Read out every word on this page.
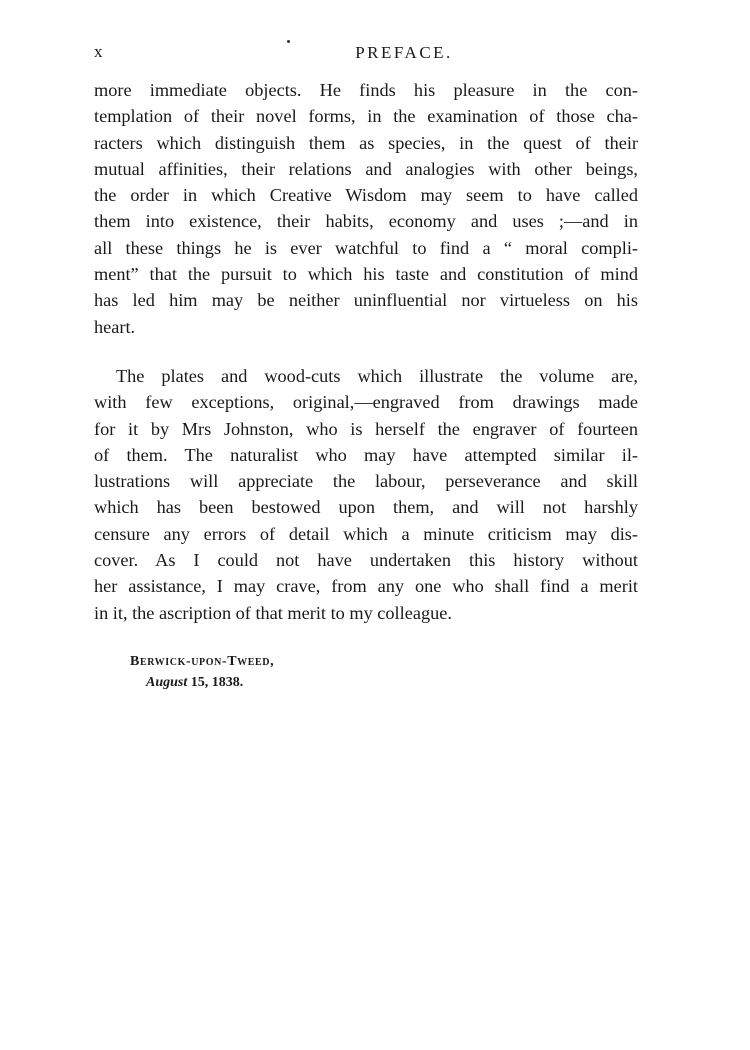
x	PREFACE.

more immediate objects. He finds his pleasure in the con-
templation of their novel forms, in the examination of those cha-
racters which distinguish them as species, in the quest of their
mutual affinities, their relations and analogies with other beings,
the order in which Creative Wisdom may seem to have called
them into existence, their habits, economy and uses ;—and in
all these things he is ever watchful to find a “ moral compli-
ment” that the pursuit to which his taste and constitution of mind
has led him may be neither uninfluential nor virtueless on his
heart.

The plates and wood-cuts which illustrate the volume are,
with few exceptions, original,—engraved from drawings made
for it by Mrs Johnston, who is herself the engraver of fourteen
of them. The naturalist who may have attempted similar il-
lustrations will appreciate the labour, perseverance and skill
which has been bestowed upon them, and will not harshly
censure any errors of detail which a minute criticism may dis-
cover. As I could not have undertaken this history without
her assistance, I may crave, from any one who shall find a merit
in it, the ascription of that merit to my colleague.

Berwick-upon-Tweed,
August 15, 1838.
